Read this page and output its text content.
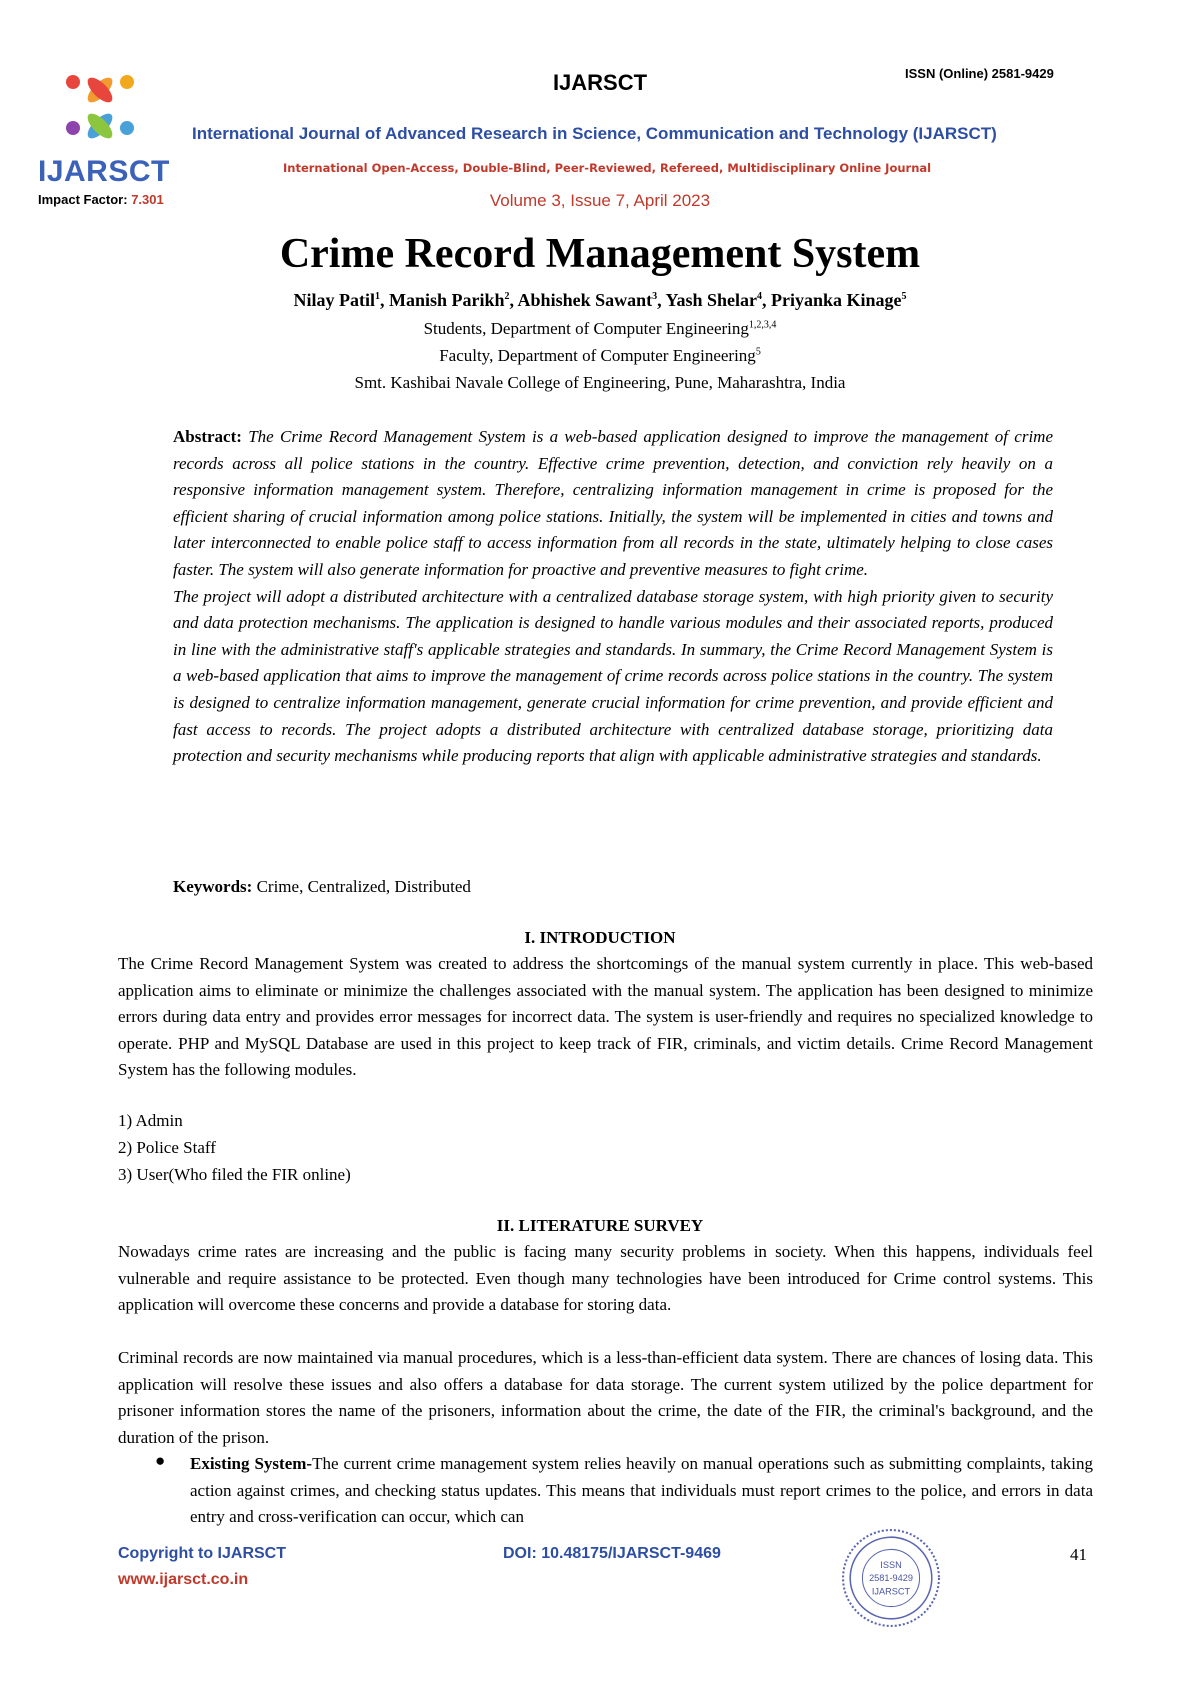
IJARSCT
Impact Factor: 7.301
IJARSCT	ISSN (Online) 2581-9429
International Journal of Advanced Research in Science, Communication and Technology (IJARSCT)
International Open-Access, Double-Blind, Peer-Reviewed, Refereed, Multidisciplinary Online Journal
Volume 3, Issue 7, April 2023
Crime Record Management System
Nilay Patil$^1$, Manish Parikh$^2$, Abhishek Sawant$^3$, Yash Shelar$^4$, Priyanka Kinage$^5$
Students, Department of Computer Engineering$^{1,2,3,4}$
Faculty, Department of Computer Engineering$^5$
Smt. Kashibai Navale College of Engineering, Pune, Maharashtra, India
Abstract: The Crime Record Management System is a web-based application designed to improve the management of crime records across all police stations in the country. Effective crime prevention, detection, and conviction rely heavily on a responsive information management system. Therefore, centralizing information management in crime is proposed for the efficient sharing of crucial information among police stations. Initially, the system will be implemented in cities and towns and later interconnected to enable police staff to access information from all records in the state, ultimately helping to close cases faster. The system will also generate information for proactive and preventive measures to fight crime.
The project will adopt a distributed architecture with a centralized database storage system, with high priority given to security and data protection mechanisms. The application is designed to handle various modules and their associated reports, produced in line with the administrative staff's applicable strategies and standards. In summary, the Crime Record Management System is a web-based application that aims to improve the management of crime records across police stations in the country. The system is designed to centralize information management, generate crucial information for crime prevention, and provide efficient and fast access to records. The project adopts a distributed architecture with centralized database storage, prioritizing data protection and security mechanisms while producing reports that align with applicable administrative strategies and standards.
Keywords: Crime, Centralized, Distributed
I. INTRODUCTION
The Crime Record Management System was created to address the shortcomings of the manual system currently in place. This web-based application aims to eliminate or minimize the challenges associated with the manual system. The application has been designed to minimize errors during data entry and provides error messages for incorrect data. The system is user-friendly and requires no specialized knowledge to operate. PHP and MySQL Database are used in this project to keep track of FIR, criminals, and victim details. Crime Record Management System has the following modules.
1) Admin
2) Police Staff
3) User(Who filed the FIR online)
II. LITERATURE SURVEY
Nowadays crime rates are increasing and the public is facing many security problems in society. When this happens, individuals feel vulnerable and require assistance to be protected. Even though many technologies have been introduced for Crime control systems. This application will overcome these concerns and provide a database for storing data.
Criminal records are now maintained via manual procedures, which is a less-than-efficient data system. There are chances of losing data. This application will resolve these issues and also offers a database for data storage. The current system utilized by the police department for prisoner information stores the name of the prisoners, information about the crime, the date of the FIR, the criminal's background, and the duration of the prison.
● Existing System-The current crime management system relies heavily on manual operations such as submitting complaints, taking action against crimes, and checking status updates. This means that individuals must report crimes to the police, and errors in data entry and cross-verification can occur, which can
Copyright to IJARSCT
www.ijarsct.co.in
DOI: 10.48175/IJARSCT-9469	41
ISSN
2581-9429
IJARSCT
